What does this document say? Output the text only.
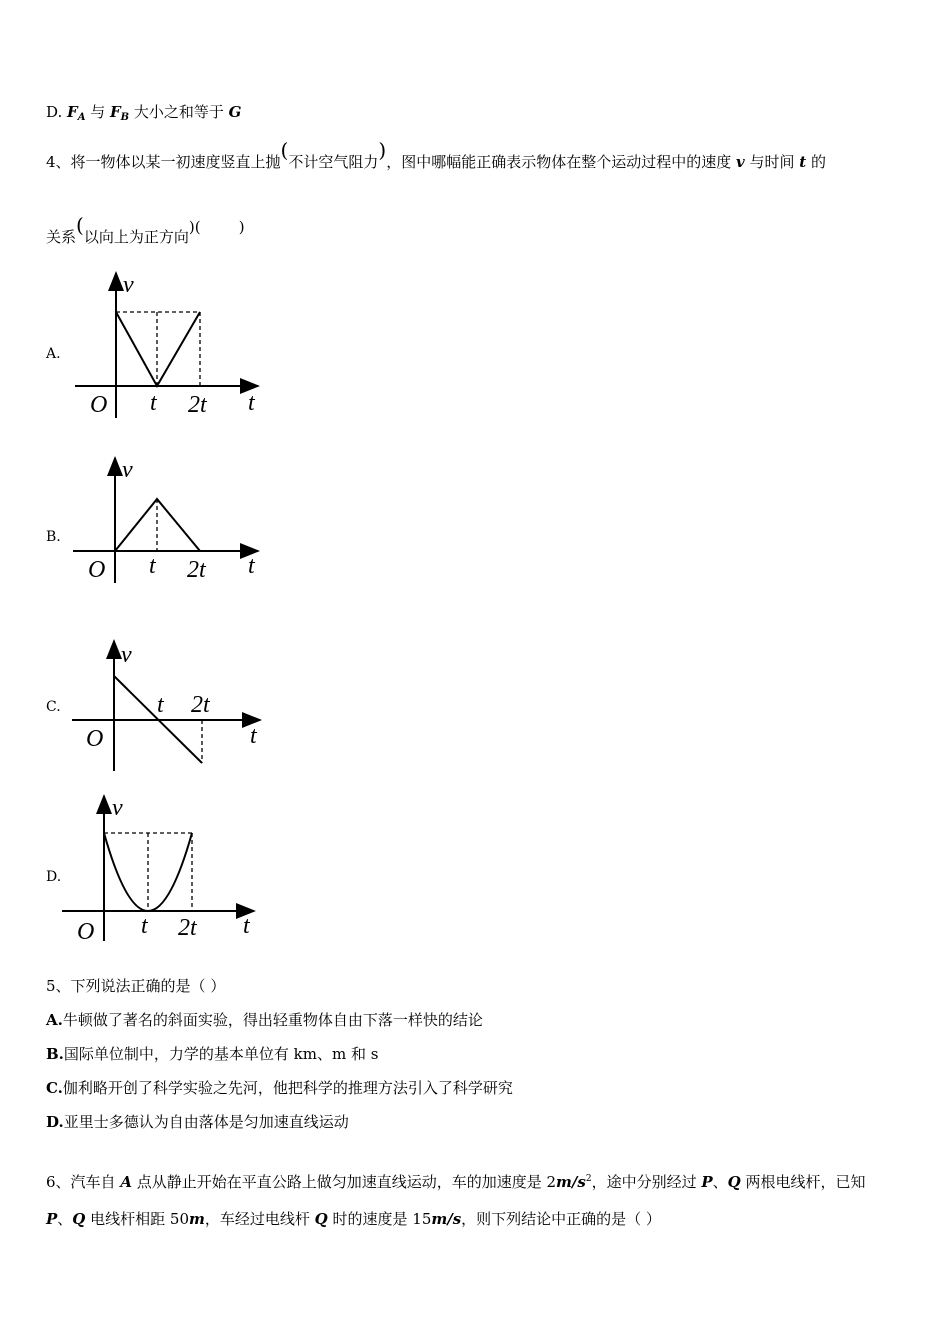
D. $F_A$ 与 $F_B$ 大小之和等于 G
4、将一物体以某一初速度竖直上抛(不计空气阻力)，图中哪幅能正确表示物体在整个运动过程中的速度 v 与时间 t 的
关系(以向上为正方向)(	)
A.
v
O t 2t t
B.
v
O t 2t t
C.
v
O
t 2t
t
D.
v
O t 2t t
5、下列说法正确的是（ ）
A.牛顿做了著名的斜面实验，得出轻重物体自由下落一样快的结论
B.国际单位制中，力学的基本单位有 km、m 和 s
C.伽利略开创了科学实验之先河，他把科学的推理方法引入了科学研究
D.亚里士多德认为自由落体是匀加速直线运动
6、汽车自 A 点从静止开始在平直公路上做匀加速直线运动，车的加速度是 $2m/s^2$，途中分别经过 P、Q 两根电线杆，已知
P、Q 电线杆相距 50m，车经过电线杆 Q 时的速度是 15m/s，则下列结论中正确的是（ ）
